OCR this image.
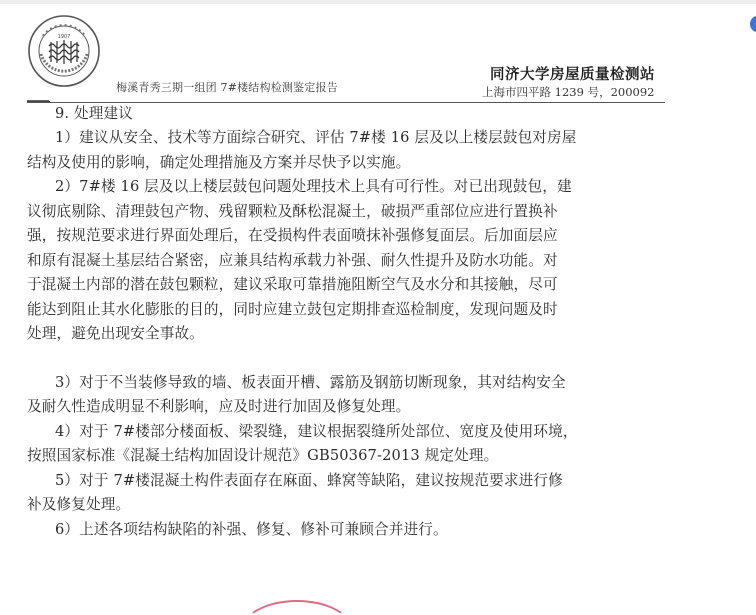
1907
梅溪青秀三期一组团 7#楼结构检测鉴定报告
同济大学房屋质量检测站
上海市四平路 1239 号，200092
9. 处理建议
1）建议从安全、技术等方面综合研究、评估 7#楼 16 层及以上楼层鼓包对房屋
结构及使用的影响，确定处理措施及方案并尽快予以实施。
2）7#楼 16 层及以上楼层鼓包问题处理技术上具有可行性。对已出现鼓包，建
议彻底剔除、清理鼓包产物、残留颗粒及酥松混凝土，破损严重部位应进行置换补
强，按规范要求进行界面处理后，在受损构件表面喷抹补强修复面层。后加面层应
和原有混凝土基层结合紧密，应兼具结构承载力补强、耐久性提升及防水功能。对
于混凝土内部的潜在鼓包颗粒，建议采取可靠措施阻断空气及水分和其接触，尽可
能达到阻止其水化膨胀的目的，同时应建立鼓包定期排查巡检制度，发现问题及时
处理，避免出现安全事故。
3）对于不当装修导致的墙、板表面开槽、露筋及钢筋切断现象，其对结构安全
及耐久性造成明显不利影响，应及时进行加固及修复处理。
4）对于 7#楼部分楼面板、梁裂缝，建议根据裂缝所处部位、宽度及使用环境，
按照国家标准《混凝土结构加固设计规范》GB50367-2013 规定处理。
5）对于 7#楼混凝土构件表面存在麻面、蜂窝等缺陷，建议按规范要求进行修
补及修复处理。
6）上述各项结构缺陷的补强、修复、修补可兼顾合并进行。
